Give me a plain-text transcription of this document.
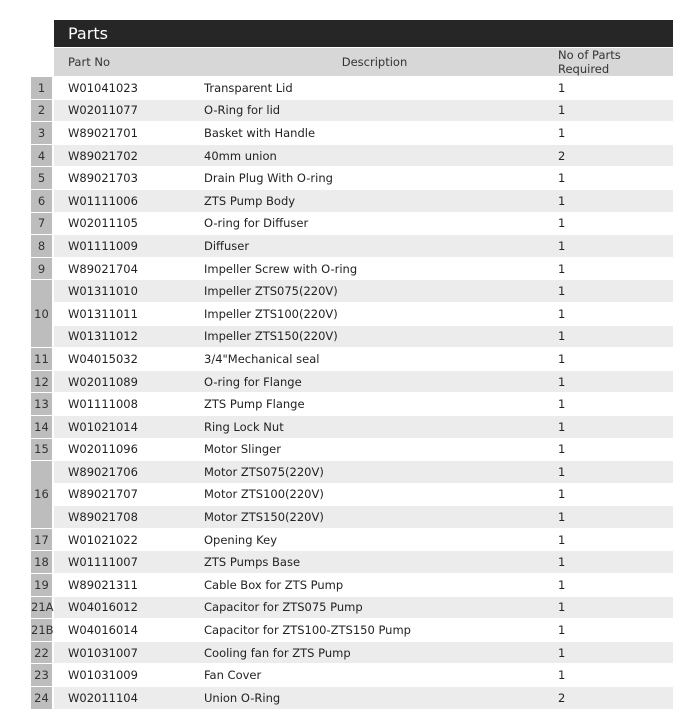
Parts
	Part No	Description	No of Parts Required
1	W01041023	Transparent Lid	1
2	W02011077	O-Ring for lid	1
3	W89021701	Basket with Handle	1
4	W89021702	40mm union	2
5	W89021703	Drain Plug With O-ring	1
6	W01111006	ZTS Pump Body	1
7	W02011105	O-ring for Diffuser	1
8	W01111009	Diffuser	1
9	W89021704	Impeller Screw with O-ring	1
10	W01311010	Impeller ZTS075(220V)	1
	W01311011	Impeller ZTS100(220V)	1
	W01311012	Impeller ZTS150(220V)	1
11	W04015032	3/4"Mechanical seal	1
12	W02011089	O-ring for Flange	1
13	W01111008	ZTS Pump Flange	1
14	W01021014	Ring Lock Nut	1
15	W02011096	Motor Slinger	1
16	W89021706	Motor ZTS075(220V)	1
	W89021707	Motor ZTS100(220V)	1
	W89021708	Motor ZTS150(220V)	1
17	W01021022	Opening Key	1
18	W01111007	ZTS Pumps Base	1
19	W89021311	Cable Box for ZTS Pump	1
21A	W04016012	Capacitor for ZTS075 Pump	1
21B	W04016014	Capacitor for ZTS100-ZTS150 Pump	1
22	W01031007	Cooling fan for ZTS Pump	1
23	W01031009	Fan Cover	1
24	W02011104	Union O-Ring	2
